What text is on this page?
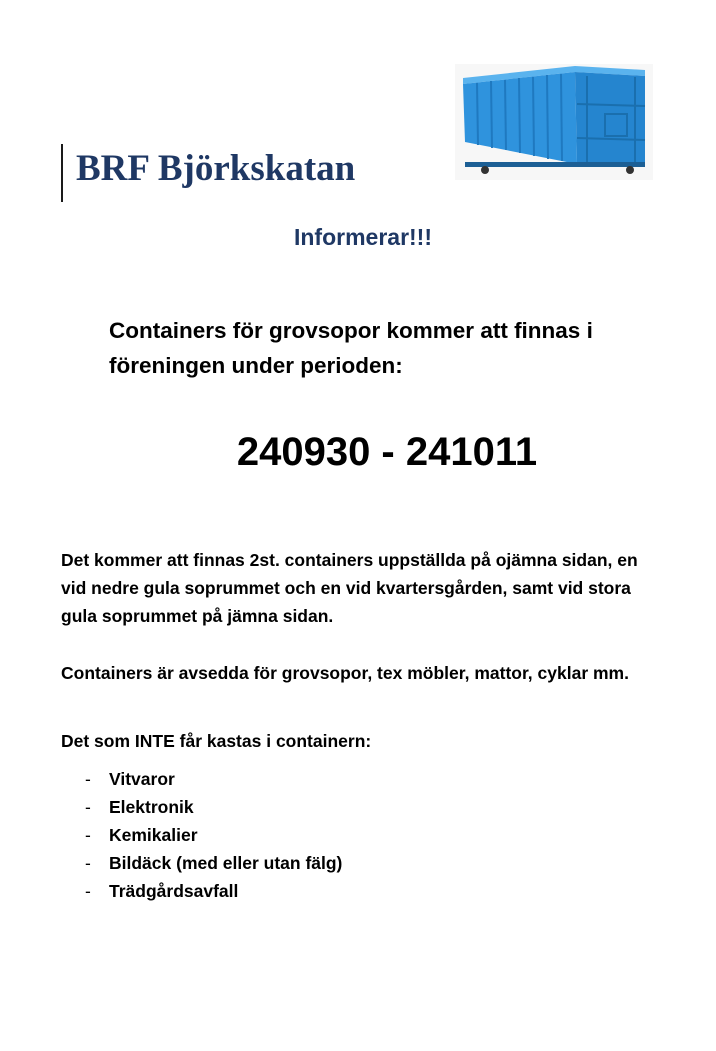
BRF Björkskatan
Informerar!!!

Containers för grovsopor kommer att finnas i föreningen under perioden:

240930 - 241011

Det kommer att finnas 2st. containers uppställda på ojämna sidan, en vid nedre gula soprummet och en vid kvartersgården, samt vid stora gula soprummet på jämna sidan.

Containers är avsedda för grovsopor, tex möbler, mattor, cyklar mm.

Det som INTE får kastas i containern:

- Vitvaror
- Elektronik
- Kemikalier
- Bildäck (med eller utan fälg)
- Trädgårdsavfall
